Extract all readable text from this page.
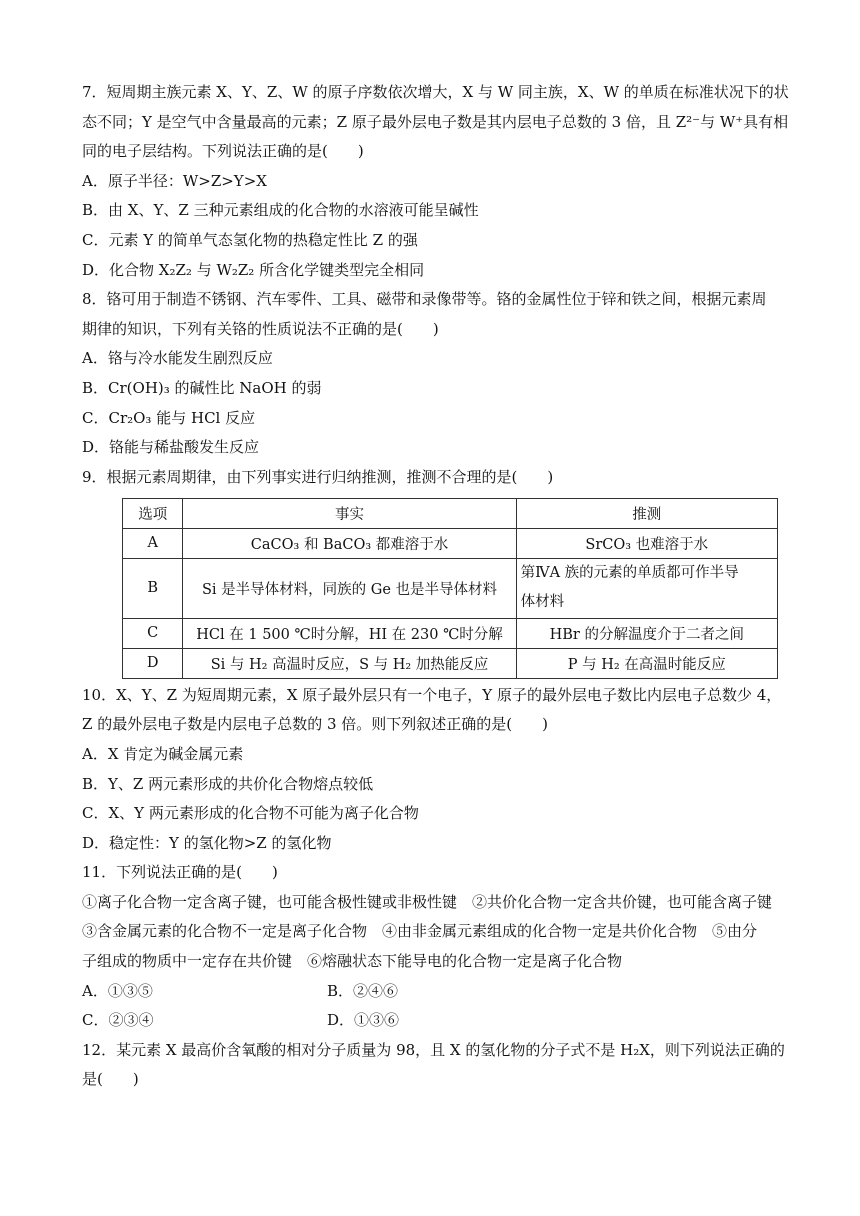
7．短周期主族元素 X、Y、Z、W 的原子序数依次增大，X 与 W 同主族，X、W 的单质在标准状况下的状
态不同；Y 是空气中含量最高的元素；Z 原子最外层电子数是其内层电子总数的 3 倍，且 Z²⁻与 W⁺具有相
同的电子层结构。下列说法正确的是(　　)
A．原子半径：W>Z>Y>X
B．由 X、Y、Z 三种元素组成的化合物的水溶液可能呈碱性
C．元素 Y 的简单气态氢化物的热稳定性比 Z 的强
D．化合物 X₂Z₂ 与 W₂Z₂ 所含化学键类型完全相同
8．铬可用于制造不锈钢、汽车零件、工具、磁带和录像带等。铬的金属性位于锌和铁之间，根据元素周
期律的知识，下列有关铬的性质说法不正确的是(　　)
A．铬与冷水能发生剧烈反应
B．Cr(OH)₃ 的碱性比 NaOH 的弱
C．Cr₂O₃ 能与 HCl 反应
D．铬能与稀盐酸发生反应
9．根据元素周期律，由下列事实进行归纳推测，推测不合理的是(　　)
选项	事实	推测
A	CaCO₃ 和 BaCO₃ 都难溶于水	SrCO₃ 也难溶于水
B	Si 是半导体材料，同族的 Ge 也是半导体材料	第ⅣA 族的元素的单质都可作半导
体材料

C	HCl 在 1 500 ℃时分解，HI 在 230 ℃时分解	HBr 的分解温度介于二者之间
D	Si 与 H₂ 高温时反应，S 与 H₂ 加热能反应	P 与 H₂ 在高温时能反应
10．X、Y、Z 为短周期元素，X 原子最外层只有一个电子，Y 原子的最外层电子数比内层电子总数少 4，
Z 的最外层电子数是内层电子总数的 3 倍。则下列叙述正确的是(　　)
A．X 肯定为碱金属元素
B．Y、Z 两元素形成的共价化合物熔点较低
C．X、Y 两元素形成的化合物不可能为离子化合物
D．稳定性：Y 的氢化物>Z 的氢化物
11．下列说法正确的是(　　)
①离子化合物一定含离子键，也可能含极性键或非极性键　②共价化合物一定含共价键，也可能含离子键
③含金属元素的化合物不一定是离子化合物　④由非金属元素组成的化合物一定是共价化合物　⑤由分
子组成的物质中一定存在共价键　⑥熔融状态下能导电的化合物一定是离子化合物
A．①③⑤	B．②④⑥
C．②③④	D．①③⑥
12．某元素 X 最高价含氧酸的相对分子质量为 98，且 X 的氢化物的分子式不是 H₂X，则下列说法正确的
是(　　)
